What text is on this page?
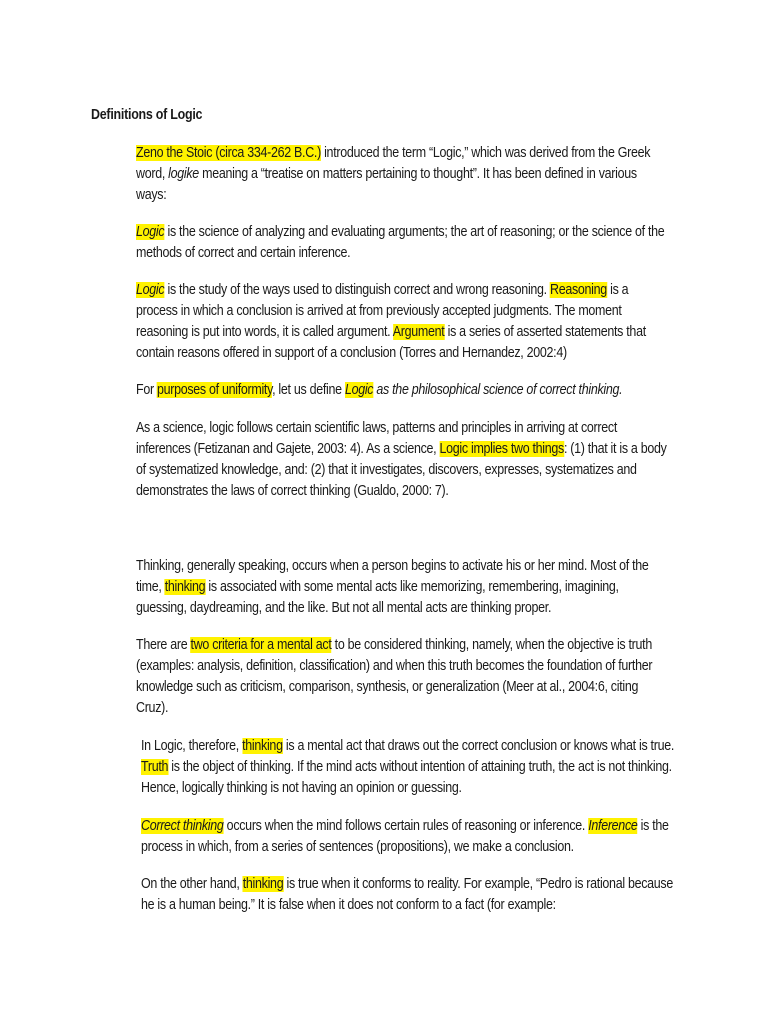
Definitions of Logic

Zeno the Stoic (circa 334-262 B.C.) introduced the term “Logic,” which was derived from the Greek word, logike meaning a “treatise on matters pertaining to thought”. It has been defined in various ways:

Logic is the science of analyzing and evaluating arguments; the art of reasoning; or the science of the methods of correct and certain inference.

Logic is the study of the ways used to distinguish correct and wrong reasoning. Reasoning is a process in which a conclusion is arrived at from previously accepted judgments. The moment reasoning is put into words, it is called argument. Argument is a series of asserted statements that contain reasons offered in support of a conclusion (Torres and Hernandez, 2002:4)

For purposes of uniformity, let us define Logic as the philosophical science of correct thinking.

As a science, logic follows certain scientific laws, patterns and principles in arriving at correct inferences (Fetizanan and Gajete, 2003: 4). As a science, Logic implies two things: (1) that it is a body of systematized knowledge, and: (2) that it investigates, discovers, expresses, systematizes and demonstrates the laws of correct thinking (Gualdo, 2000: 7).

Thinking, generally speaking, occurs when a person begins to activate his or her mind. Most of the time, thinking is associated with some mental acts like memorizing, remembering, imagining, guessing, daydreaming, and the like. But not all mental acts are thinking proper.

There are two criteria for a mental act to be considered thinking, namely, when the objective is truth (examples: analysis, definition, classification) and when this truth becomes the foundation of further knowledge such as criticism, comparison, synthesis, or generalization (Meer at al., 2004:6, citing Cruz).

In Logic, therefore, thinking is a mental act that draws out the correct conclusion or knows what is true. Truth is the object of thinking. If the mind acts without intention of attaining truth, the act is not thinking. Hence, logically thinking is not having an opinion or guessing.

Correct thinking occurs when the mind follows certain rules of reasoning or inference. Inference is the process in which, from a series of sentences (propositions), we make a conclusion.

On the other hand, thinking is true when it conforms to reality. For example, “Pedro is rational because he is a human being.” It is false when it does not conform to a fact (for example:
